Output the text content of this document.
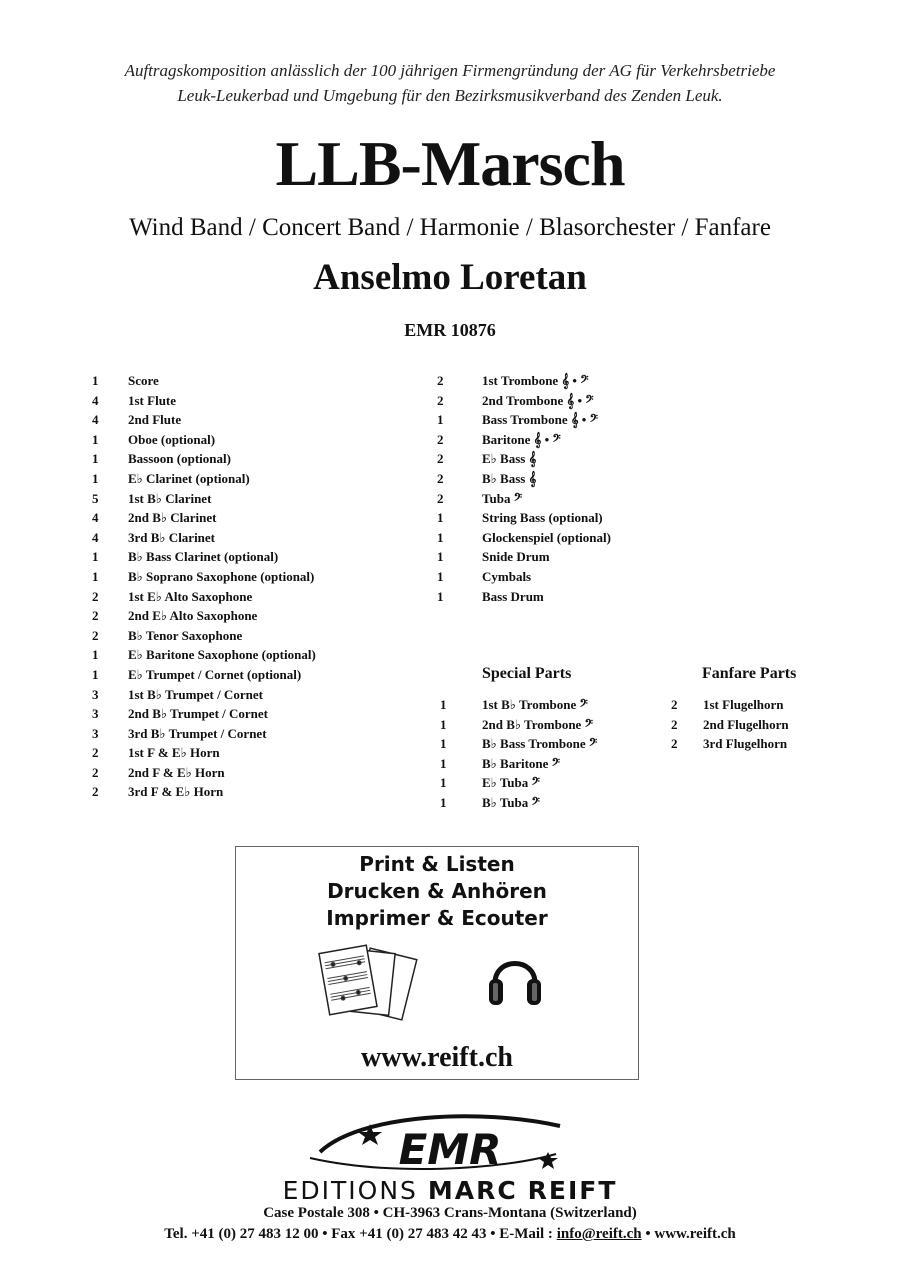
Auftragskomposition anlässlich der 100 jährigen Firmengründung der AG für Verkehrsbetriebe
Leuk-Leukerbad und Umgebung für den Bezirksmusikverband des Zenden Leuk.
LLB-Marsch
Wind Band / Concert Band / Harmonie / Blasorchester / Fanfare
Anselmo Loretan
EMR 10876
1 Score
4 1st Flute
4 2nd Flute
1 Oboe (optional)
1 Bassoon (optional)
1 E♭ Clarinet (optional)
5 1st B♭ Clarinet
4 2nd B♭ Clarinet
4 3rd B♭ Clarinet
1 B♭ Bass Clarinet (optional)
1 B♭ Soprano Saxophone (optional)
2 1st E♭ Alto Saxophone
2 2nd E♭ Alto Saxophone
2 B♭ Tenor Saxophone
1 E♭ Baritone Saxophone (optional)
1 E♭ Trumpet / Cornet (optional)
3 1st B♭ Trumpet / Cornet
3 2nd B♭ Trumpet / Cornet
3 3rd B♭ Trumpet / Cornet
2 1st F & E♭ Horn
2 2nd F & E♭ Horn
2 3rd F & E♭ Horn
2	1st Trombone 𝄞 • 𝄢
2	2nd Trombone 𝄞 • 𝄢
1	Bass Trombone 𝄞 • 𝄢
2	Baritone 𝄞 • 𝄢
2	E♭ Bass 𝄞
2	B♭ Bass 𝄞
2	Tuba 𝄢
1	String Bass (optional)
1	Glockenspiel (optional)
1	Snide Drum
1	Cymbals
1	Bass Drum
Special Parts
1	1st B♭ Trombone 𝄢
1	2nd B♭ Trombone 𝄢
1	B♭ Bass Trombone 𝄢
1	B♭ Baritone 𝄢
1	E♭ Tuba 𝄢
1	B♭ Tuba 𝄢
Fanfare Parts
2 1st Flugelhorn
2 2nd Flugelhorn
2 3rd Flugelhorn
Print & Listen
Drucken & Anhören
Imprimer & Ecouter
www.reift.ch
EMR
EDITIONS MARC REIFT
Case Postale 308 • CH-3963 Crans-Montana (Switzerland)
Tel. +41 (0) 27 483 12 00 • Fax +41 (0) 27 483 42 43 • E-Mail : info@reift.ch • www.reift.ch
